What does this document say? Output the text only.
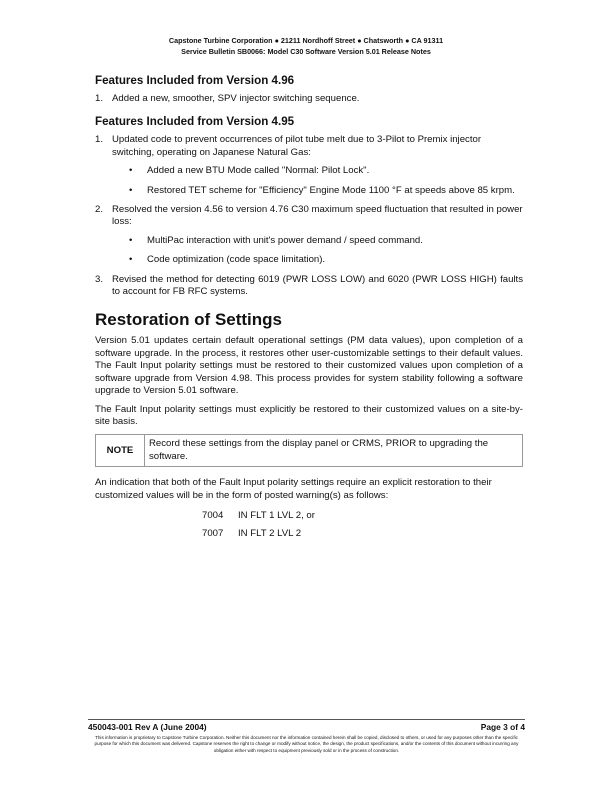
Capstone Turbine Corporation ● 21211 Nordhoff Street ● Chatsworth ● CA 91311
Service Bulletin SB0066: Model C30 Software Version 5.01 Release Notes
Features Included from Version 4.96
1. Added a new, smoother, SPV injector switching sequence.
Features Included from Version 4.95
1. Updated code to prevent occurrences of pilot tube melt due to 3-Pilot to Premix injector switching, operating on Japanese Natural Gas:
• Added a new BTU Mode called "Normal: Pilot Lock".
• Restored TET scheme for "Efficiency" Engine Mode 1100 °F at speeds above 85 krpm.
2. Resolved the version 4.56 to version 4.76 C30 maximum speed fluctuation that resulted in power loss:
• MultiPac interaction with unit's power demand / speed command.
• Code optimization (code space limitation).
3. Revised the method for detecting 6019 (PWR LOSS LOW) and 6020 (PWR LOSS HIGH) faults to account for FB RFC systems.
Restoration of Settings

Version 5.01 updates certain default operational settings (PM data values), upon completion of a software upgrade. In the process, it restores other user-customizable settings to their default values. The Fault Input polarity settings must be restored to their customized values upon completion of a software upgrade from Version 4.98. This process provides for system stability following a software upgrade to Version 5.01 software.

The Fault Input polarity settings must explicitly be restored to their customized values on a site-by-site basis.

NOTE
Record these settings from the display panel or CRMS, PRIOR to upgrading the software.

An indication that both of the Fault Input polarity settings require an explicit restoration to their customized values will be in the form of posted warning(s) as follows:

7004	IN FLT 1 LVL 2, or
7007	IN FLT 2 LVL 2
450043-001 Rev A (June 2004)	Page 3 of 4
This information is proprietary to Capstone Turbine Corporation. Neither this document nor the information contained herein shall be copied, disclosed to others, or used for any purposes other than the specific purpose for which this document was delivered. Capstone reserves the right to change or modify without notice, the design, the product specifications, and/or the contents of this document without incurring any obligation either with respect to equipment previously sold or in the process of construction.
